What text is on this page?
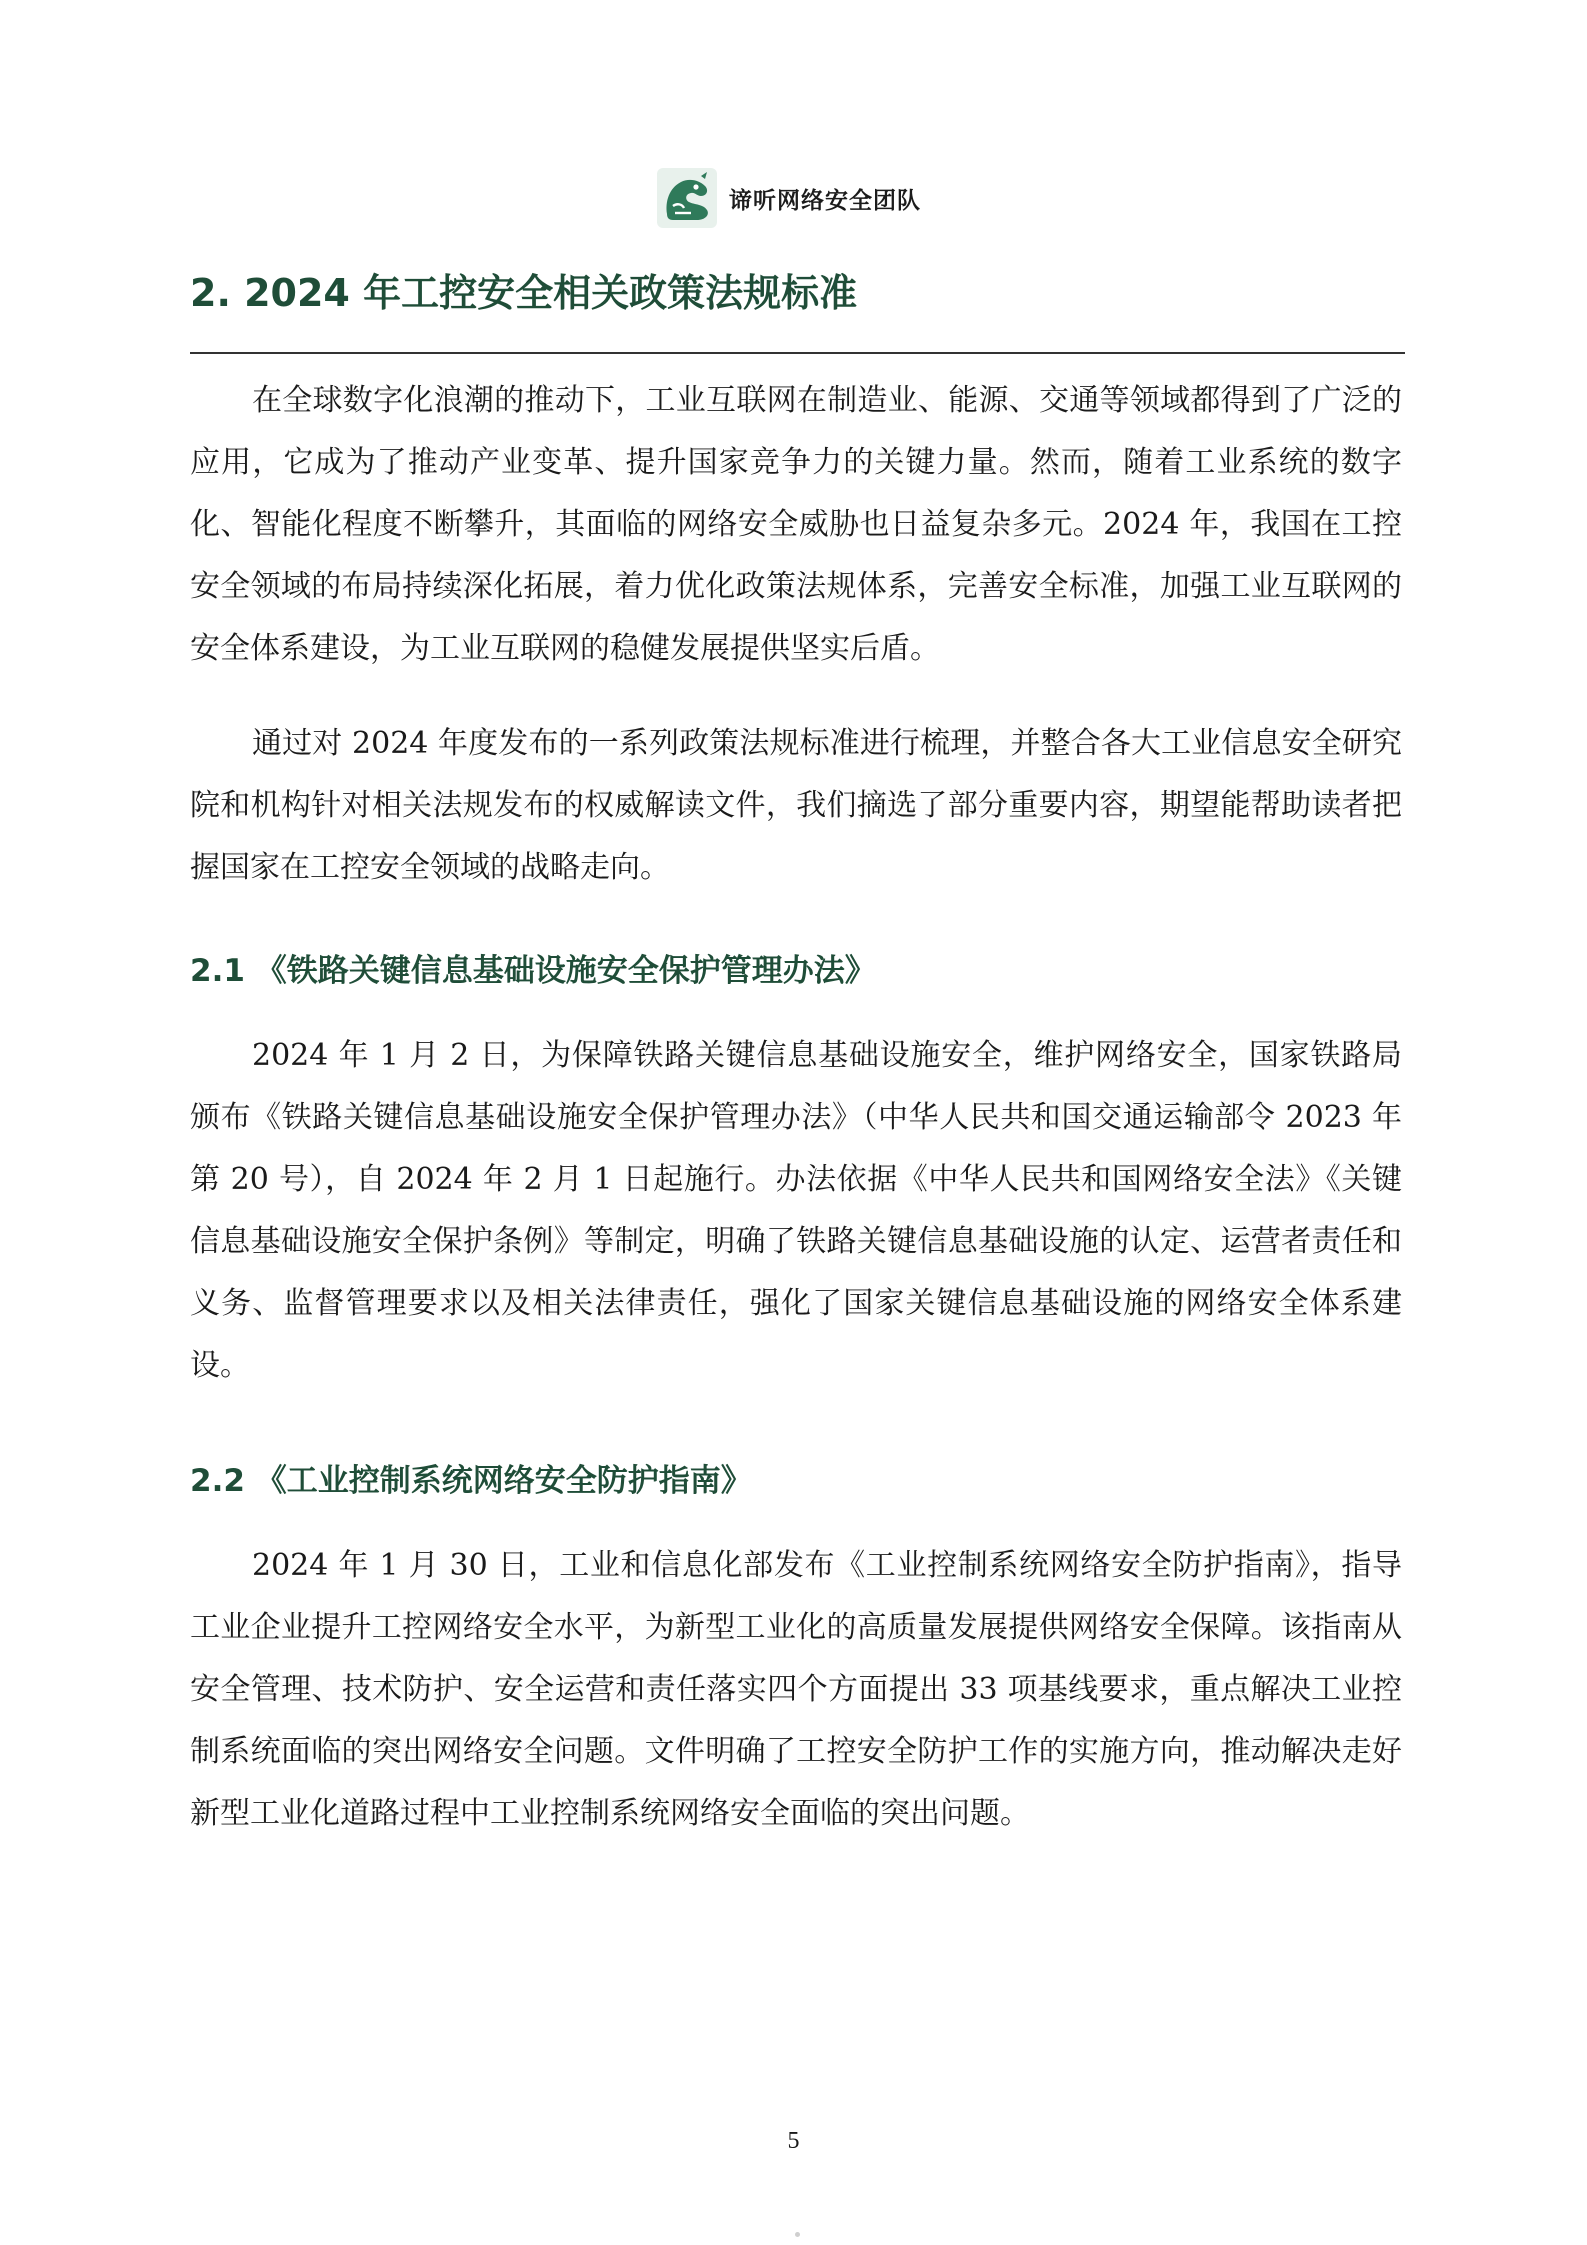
谛听网络安全团队
2. 2024 年工控安全相关政策法规标准

在全球数字化浪潮的推动下，工业互联网在制造业、能源、交通等领域都得到了广泛的应用，它成为了推动产业变革、提升国家竞争力的关键力量。然而，随着工业系统的数字化、智能化程度不断攀升，其面临的网络安全威胁也日益复杂多元。2024 年，我国在工控安全领域的布局持续深化拓展，着力优化政策法规体系，完善安全标准，加强工业互联网的安全体系建设，为工业互联网的稳健发展提供坚实后盾。

通过对 2024 年度发布的一系列政策法规标准进行梳理，并整合各大工业信息安全研究院和机构针对相关法规发布的权威解读文件，我们摘选了部分重要内容，期望能帮助读者把握国家在工控安全领域的战略走向。

2.1 《铁路关键信息基础设施安全保护管理办法》

2024 年 1 月 2 日，为保障铁路关键信息基础设施安全，维护网络安全，国家铁路局颁布《铁路关键信息基础设施安全保护管理办法》（中华人民共和国交通运输部令 2023 年第 20 号），自 2024 年 2 月 1 日起施行。办法依据《中华人民共和国网络安全法》《关键信息基础设施安全保护条例》等制定，明确了铁路关键信息基础设施的认定、运营者责任和义务、监督管理要求以及相关法律责任，强化了国家关键信息基础设施的网络安全体系建设。

2.2 《工业控制系统网络安全防护指南》

2024 年 1 月 30 日，工业和信息化部发布《工业控制系统网络安全防护指南》，指导工业企业提升工控网络安全水平，为新型工业化的高质量发展提供网络安全保障。该指南从安全管理、技术防护、安全运营和责任落实四个方面提出 33 项基线要求，重点解决工业控制系统面临的突出网络安全问题。文件明确了工控安全防护工作的实施方向，推动解决走好新型工业化道路过程中工业控制系统网络安全面临的突出问题。

5
